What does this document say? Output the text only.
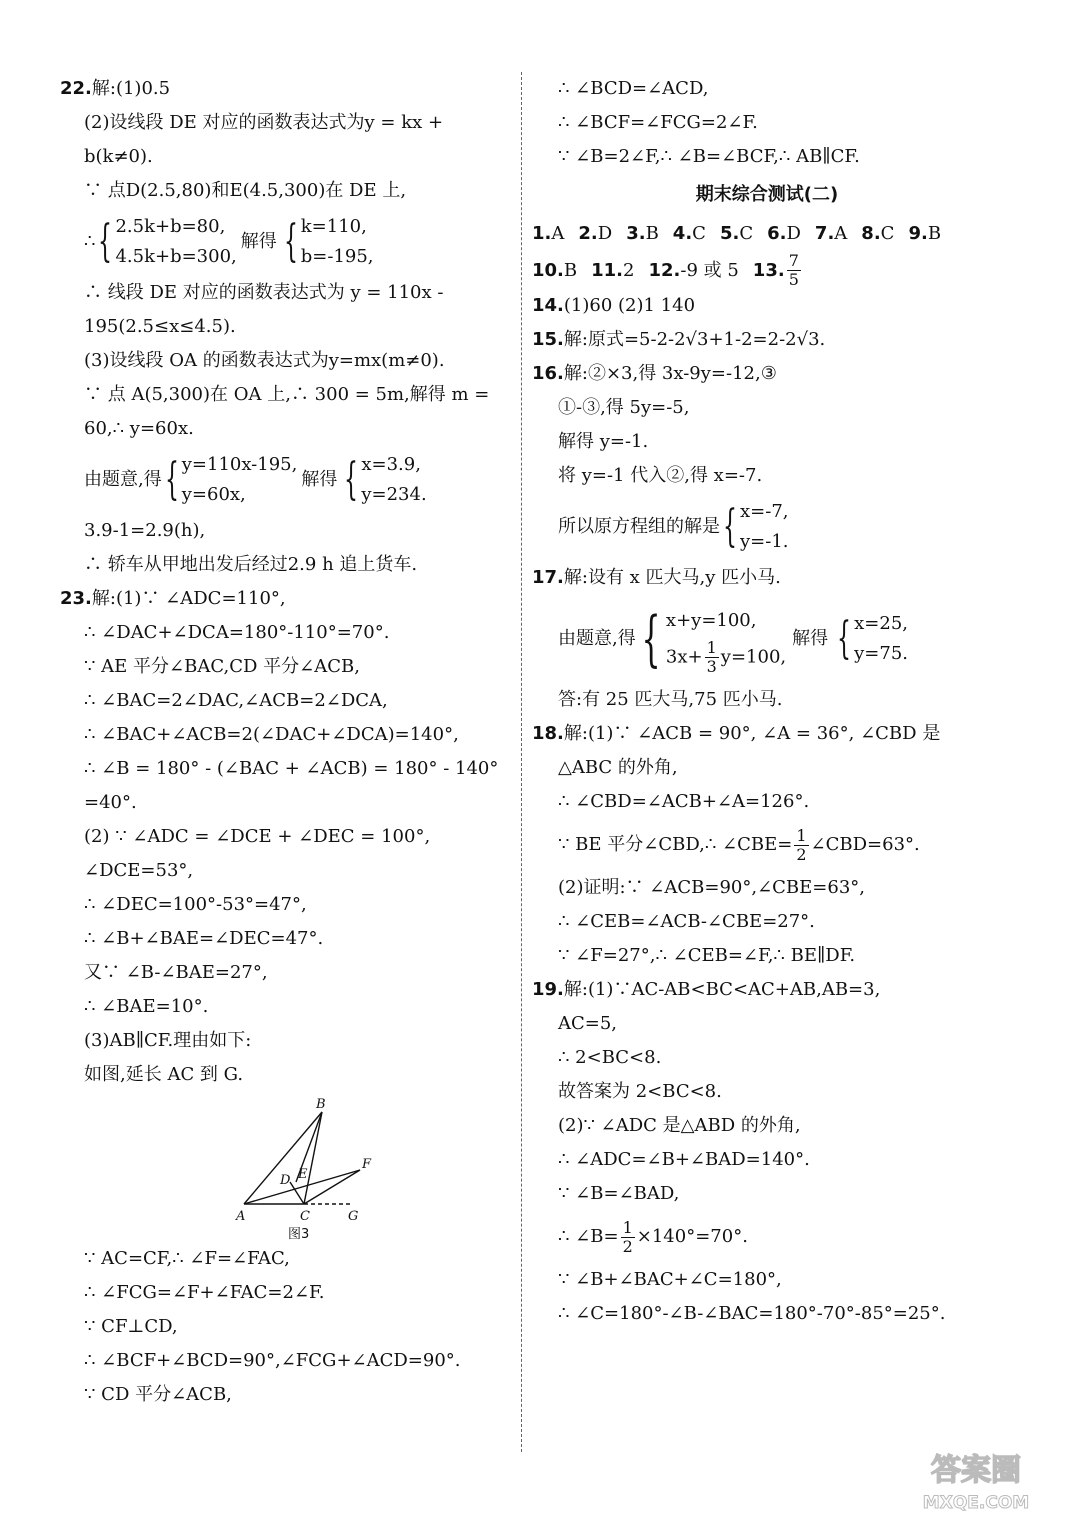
22.解:(1)0.5
(2)设线段 DE 对应的函数表达式为y = kx +
b(k≠0).
∵ 点D(2.5,80)和E(4.5,300)在 DE 上,
∴ { 2.5k+b=80,
4.5k+b=300,
解得 { k=110,
b=-195,
∴ 线段 DE 对应的函数表达式为 y = 110x -
195(2.5≤x≤4.5).
(3)设线段 OA 的函数表达式为y=mx(m≠0).
∵ 点 A(5,300)在 OA 上,∴ 300 = 5m,解得 m =
60,∴ y=60x.
由题意,得 { y=110x-195,
y=60x,
解得 { x=3.9,
y=234.
3.9-1=2.9(h),
∴ 轿车从甲地出发后经过2.9 h 追上货车.
23.解:(1)∵ ∠ADC=110°,
∴ ∠DAC+∠DCA=180°-110°=70°.
∵ AE 平分∠BAC,CD 平分∠ACB,
∴ ∠BAC=2∠DAC,∠ACB=2∠DCA,
∴ ∠BAC+∠ACB=2(∠DAC+∠DCA)=140°,
∴ ∠B = 180° - (∠BAC + ∠ACB) = 180° - 140°
=40°.
(2) ∵ ∠ADC = ∠DCE + ∠DEC = 100°,
∠DCE=53°,
∴ ∠DEC=100°-53°=47°,
∴ ∠B+∠BAE=∠DEC=47°.
又∵ ∠B-∠BAE=27°,
∴ ∠BAE=10°.
(3)AB∥CF.理由如下:
如图,延长 AC 到 G.
B
F
D E
A	C	G
图3
∵ AC=CF,∴ ∠F=∠FAC,
∴ ∠FCG=∠F+∠FAC=2∠F.
∵ CF⊥CD,
∴ ∠BCF+∠BCD=90°,∠FCG+∠ACD=90°.
∵ CD 平分∠ACB,
∴ ∠BCD=∠ACD,
∴ ∠BCF=∠FCG=2∠F.
∵ ∠B=2∠F,∴ ∠B=∠BCF,∴ AB∥CF.
期末综合测试(二)
1.A 2.D 3.B 4.C 5.C 6.D 7.A 8.C 9.B
10. B 11. 2 12. -9 或 5 13. $\frac{7}{5}$
14.(1)60 (2)1 140
15.解:原式=5-2-2√3+1-2=2-2√3.
16.解:②×3,得 3x-9y=-12,③
①-③,得 5y=-5,
解得 y=-1.
将 y=-1 代入②,得 x=-7.
所以原方程组的解是 { x=-7,
y=-1.
17.解:设有 x 匹大马,y 匹小马.
由题意,得 { x+y=100,
$3x+ \frac{1}{3} y=100$,
解得 { x=25,
y=75.
答:有 25 匹大马,75 匹小马.
18.解:(1)∵ ∠ACB = 90°, ∠A = 36°, ∠CBD 是
△ABC 的外角,
∴ ∠CBD=∠ACB+∠A=126°.
∵ BE 平分∠CBD,∴ ∠CBE= $\frac{1}{2}$ ∠CBD=63°.
(2)证明:∵ ∠ACB=90°,∠CBE=63°,
∴ ∠CEB=∠ACB-∠CBE=27°.
∵ ∠F=27°,∴ ∠CEB=∠F,∴ BE∥DF.
19.解:(1)∵AC-AB<BC<AC+AB,AB=3,
AC=5,
∴ 2<BC<8.
故答案为 2<BC<8.
(2)∵ ∠ADC 是△ABD 的外角,
∴ ∠ADC=∠B+∠BAD=140°.
∵ ∠B=∠BAD,
∴ ∠B= $\frac{1}{2} \times 140^\circ=70^\circ$.
∵ ∠B+∠BAC+∠C=180°,
∴ ∠C=180°-∠B-∠BAC=180°-70°-85°=25°.
答案圈
MXQE.COM
